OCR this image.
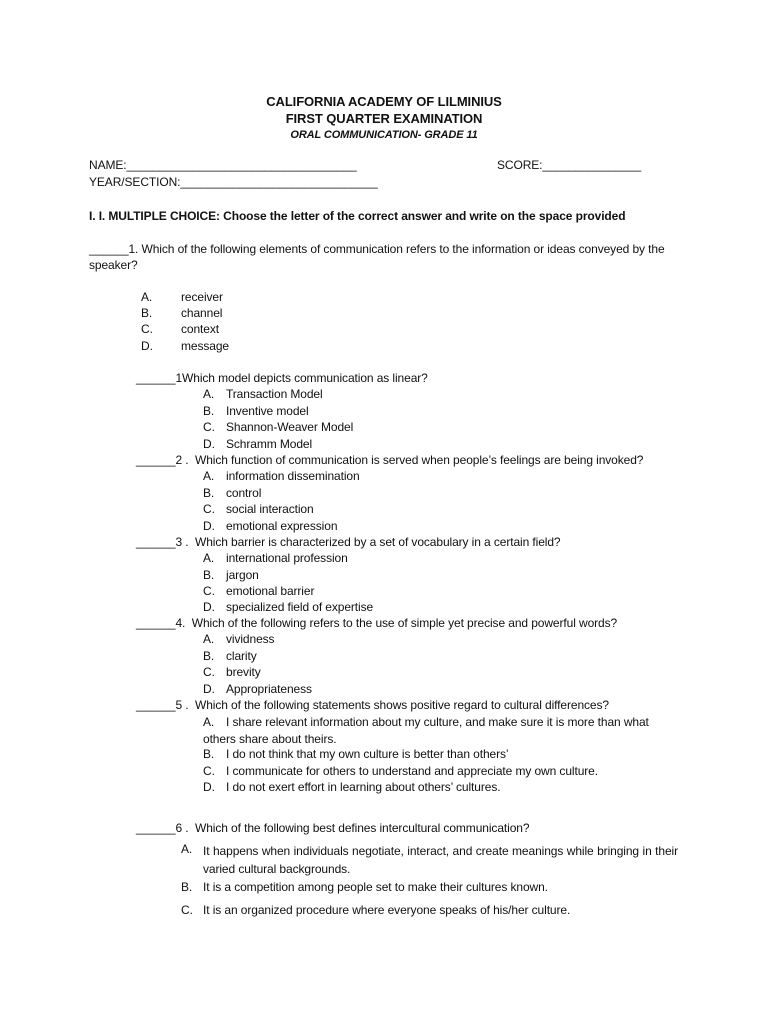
CALIFORNIA ACADEMY OF LILMINIUS
FIRST QUARTER EXAMINATION
ORAL COMMUNICATION- GRADE 11
NAME:___________________________________	SCORE:_______________
YEAR/SECTION:______________________________
I. I. MULTIPLE CHOICE: Choose the letter of the correct answer and write on the space provided
______1. Which of the following elements of communication refers to the information or ideas conveyed by the speaker?
A. receiver
B. channel
C. context
D. message
______1Which model depicts communication as linear?
A. Transaction Model
B. Inventive model
C. Shannon-Weaver Model
D. Schramm Model
______2 . Which function of communication is served when people’s feelings are being invoked?
A. information dissemination
B. control
C. social interaction
D. emotional expression
______3 . Which barrier is characterized by a set of vocabulary in a certain field?
A. international profession
B. jargon
C. emotional barrier
D. specialized field of expertise
______4. Which of the following refers to the use of simple yet precise and powerful words?
A. vividness
B. clarity
C. brevity
D. Appropriateness
______5 . Which of the following statements shows positive regard to cultural differences?
A. I share relevant information about my culture, and make sure it is more than what others share about theirs.
B. I do not think that my own culture is better than others’
C. I communicate for others to understand and appreciate my own culture.
D. I do not exert effort in learning about others’ cultures.
______6 . Which of the following best defines intercultural communication?
A. It happens when individuals negotiate, interact, and create meanings while bringing in their varied cultural backgrounds.
B. It is a competition among people set to make their cultures known.
C. It is an organized procedure where everyone speaks of his/her culture.
